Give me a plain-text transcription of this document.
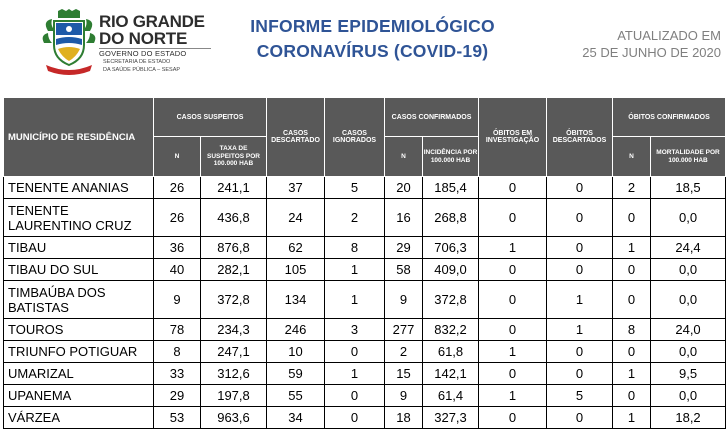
RIO GRANDE
DO NORTE
GOVERNO DO ESTADO
SECRETARIA DE ESTADO
DA SAÚDE PÚBLICA – SESAP
INFORME EPIDEMIOLÓGICO
CORONAVÍRUS (COVID-19)
ATUALIZADO EM
25 DE JUNHO DE 2020
MUNICÍPIO DE RESIDÊNCIA	CASOS SUSPEITOS		CASOS DESCARTADO	CASOS IGNORADOS	CASOS CONFIRMADOS		ÓBITOS EM INVESTIGAÇÃO	ÓBITOS DESCARTADOS	ÓBITOS CONFIRMADOS	
	N	TAXA DE SUSPEITOS POR 100.000 HAB			N	INCIDÊNCIA POR 100.000 HAB			N	MORTALIDADE POR 100.000 HAB
TENENTE ANANIAS	26	241,1	37	5	20	185,4	0	0	2	18,5
TENENTE LAURENTINO CRUZ	26	436,8	24	2	16	268,8	0	0	0	0,0
TIBAU	36	876,8	62	8	29	706,3	1	0	1	24,4
TIBAU DO SUL	40	282,1	105	1	58	409,0	0	0	0	0,0
TIMBAÚBA DOS BATISTAS	9	372,8	134	1	9	372,8	0	1	0	0,0
TOUROS	78	234,3	246	3	277	832,2	0	1	8	24,0
TRIUNFO POTIGUAR	8	247,1	10	0	2	61,8	1	0	0	0,0
UMARIZAL	33	312,6	59	1	15	142,1	0	0	1	9,5
UPANEMA	29	197,8	55	0	9	61,4	1	5	0	0,0
VÁRZEA	53	963,6	34	0	18	327,3	0	0	1	18,2
